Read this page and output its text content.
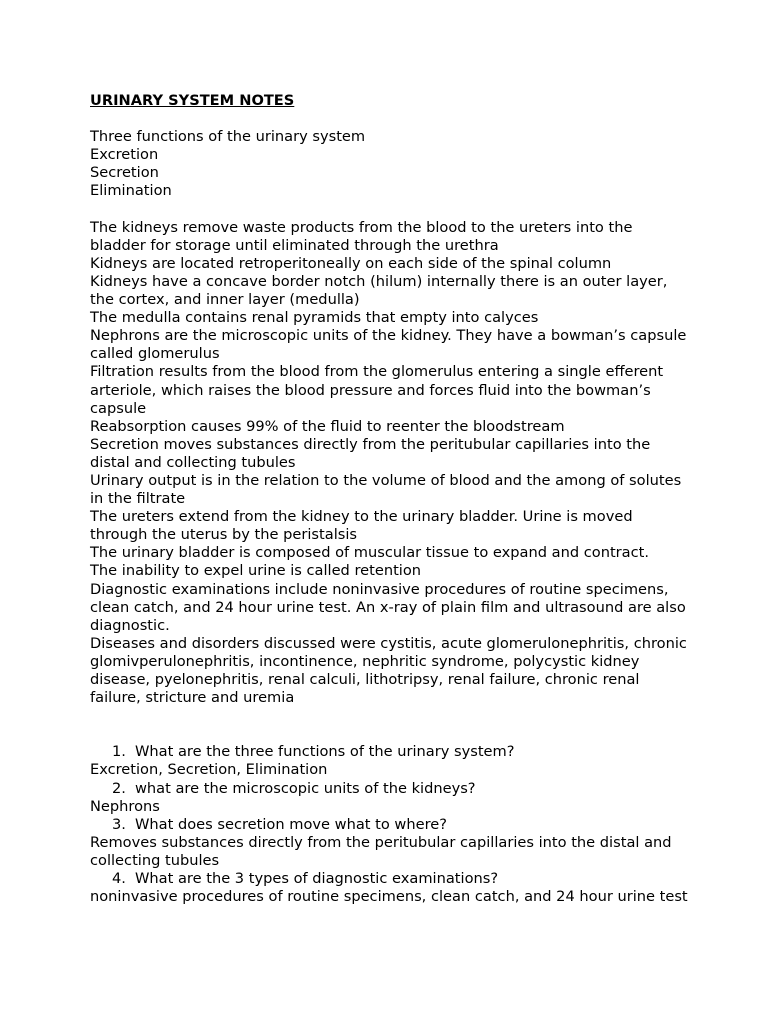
URINARY SYSTEM NOTES

Three functions of the urinary system

Excretion

Secretion

Elimination

The kidneys remove waste products from the blood to the ureters into the bladder for storage until eliminated through the urethra

Kidneys are located retroperitoneally on each side of the spinal column

Kidneys have a concave border notch (hilum) internally there is an outer layer, the cortex, and inner layer (medulla)

The medulla contains renal pyramids that empty into calyces

Nephrons are the microscopic units of the kidney. They have a bowman’s capsule called glomerulus

Filtration results from the blood from the glomerulus entering a single efferent arteriole, which raises the blood pressure and forces fluid into the bowman’s capsule

Reabsorption causes 99% of the fluid to reenter the bloodstream

Secretion moves substances directly from the peritubular capillaries into the distal and collecting tubules

Urinary output is in the relation to the volume of blood and the among of solutes in the filtrate

The ureters extend from the kidney to the urinary bladder. Urine is moved through the uterus by the peristalsis

The urinary bladder is composed of muscular tissue to expand and contract.

The inability to expel urine is called retention

Diagnostic examinations include noninvasive procedures of routine specimens, clean catch, and 24 hour urine test. An x-ray of plain film and ultrasound are also diagnostic.

Diseases and disorders discussed were cystitis, acute glomerulonephritis, chronic glomivperulonephritis, incontinence, nephritic syndrome, polycystic kidney disease, pyelonephritis, renal calculi, lithotripsy, renal failure, chronic renal failure, stricture and uremia

1. What are the three functions of the urinary system?

Excretion, Secretion, Elimination

2. what are the microscopic units of the kidneys?

Nephrons

3. What does secretion move what to where?

Removes substances directly from the peritubular capillaries into the distal and collecting tubules

4. What are the 3 types of diagnostic examinations?

noninvasive procedures of routine specimens, clean catch, and 24 hour urine test
